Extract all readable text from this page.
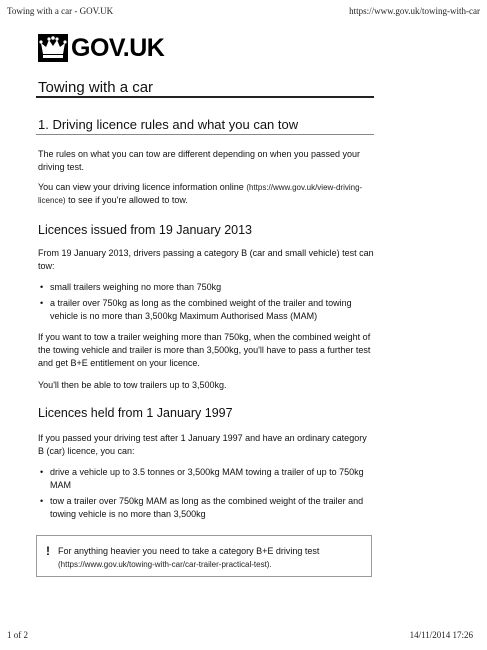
Towing with a car - GOV.UK	https://www.gov.uk/towing-with-car
GOV.UK
Towing with a car
1. Driving licence rules and what you can tow
The rules on what you can tow are different depending on when you passed your driving test.
You can view your driving licence information online (https://www.gov.uk/view-driving-licence) to see if you're allowed to tow.
Licences issued from 19 January 2013
From 19 January 2013, drivers passing a category B (car and small vehicle) test can tow:
• small trailers weighing no more than 750kg
• a trailer over 750kg as long as the combined weight of the trailer and towing vehicle is no more than 3,500kg Maximum Authorised Mass (MAM)
If you want to tow a trailer weighing more than 750kg, when the combined weight of the towing vehicle and trailer is more than 3,500kg, you'll have to pass a further test and get B+E entitlement on your licence.
You'll then be able to tow trailers up to 3,500kg.
Licences held from 1 January 1997
If you passed your driving test after 1 January 1997 and have an ordinary category B (car) licence, you can:
• drive a vehicle up to 3.5 tonnes or 3,500kg MAM towing a trailer of up to 750kg MAM
• tow a trailer over 750kg MAM as long as the combined weight of the trailer and towing vehicle is no more than 3,500kg
! For anything heavier you need to take a category B+E driving test
(https://www.gov.uk/towing-with-car/car-trailer-practical-test).
1 of 2	14/11/2014 17:26
